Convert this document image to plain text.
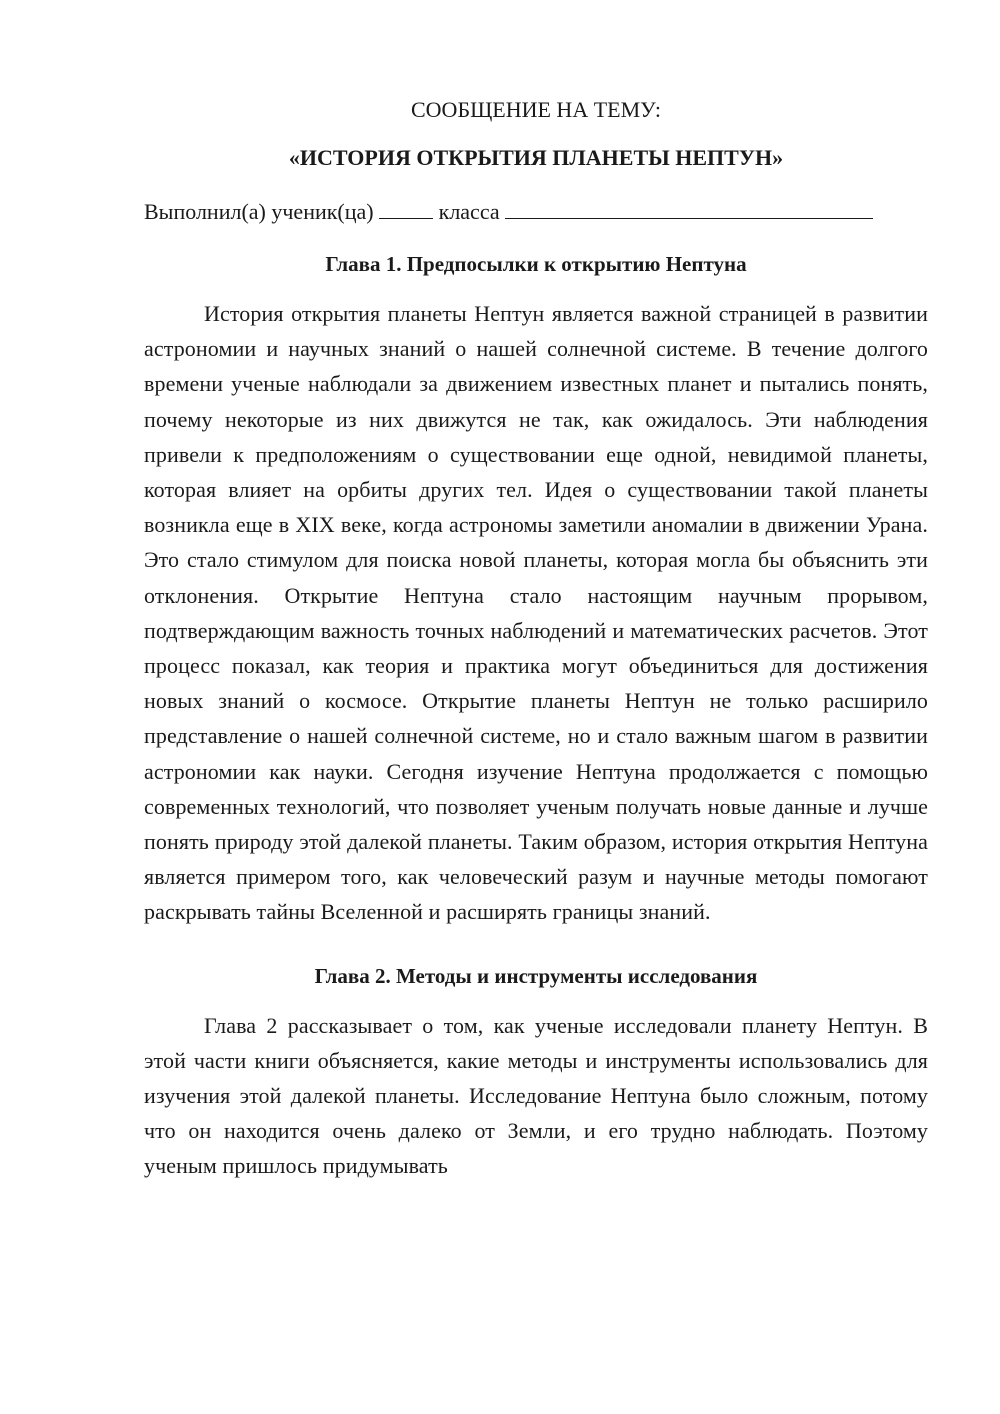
СООБЩЕНИЕ НА ТЕМУ:

«ИСТОРИЯ ОТКРЫТИЯ ПЛАНЕТЫ НЕПТУН»

Выполнил(а) ученик(ца)	класса
Глава 1. Предпосылки к открытию Нептуна

История открытия планеты Нептун является важной страницей в развитии астрономии и научных знаний о нашей солнечной системе. В течение долгого времени ученые наблюдали за движением известных планет и пытались понять, почему некоторые из них движутся не так, как ожидалось. Эти наблюдения привели к предположениям о существовании еще одной, невидимой планеты, которая влияет на орбиты других тел. Идея о существовании такой планеты возникла еще в XIX веке, когда астрономы заметили аномалии в движении Урана. Это стало стимулом для поиска новой планеты, которая могла бы объяснить эти отклонения. Открытие Нептуна стало настоящим научным прорывом, подтверждающим важность точных наблюдений и математических расчетов. Этот процесс показал, как теория и практика могут объединиться для достижения новых знаний о космосе. Открытие планеты Нептун не только расширило представление о нашей солнечной системе, но и стало важным шагом в развитии астрономии как науки. Сегодня изучение Нептуна продолжается с помощью современных технологий, что позволяет ученым получать новые данные и лучше понять природу этой далекой планеты. Таким образом, история открытия Нептуна является примером того, как человеческий разум и научные методы помогают раскрывать тайны Вселенной и расширять границы знаний.

Глава 2. Методы и инструменты исследования

Глава 2 рассказывает о том, как ученые исследовали планету Нептун. В этой части книги объясняется, какие методы и инструменты использовались для изучения этой далекой планеты. Исследование Нептуна было сложным, потому что он находится очень далеко от Земли, и его трудно наблюдать. Поэтому ученым пришлось придумывать
